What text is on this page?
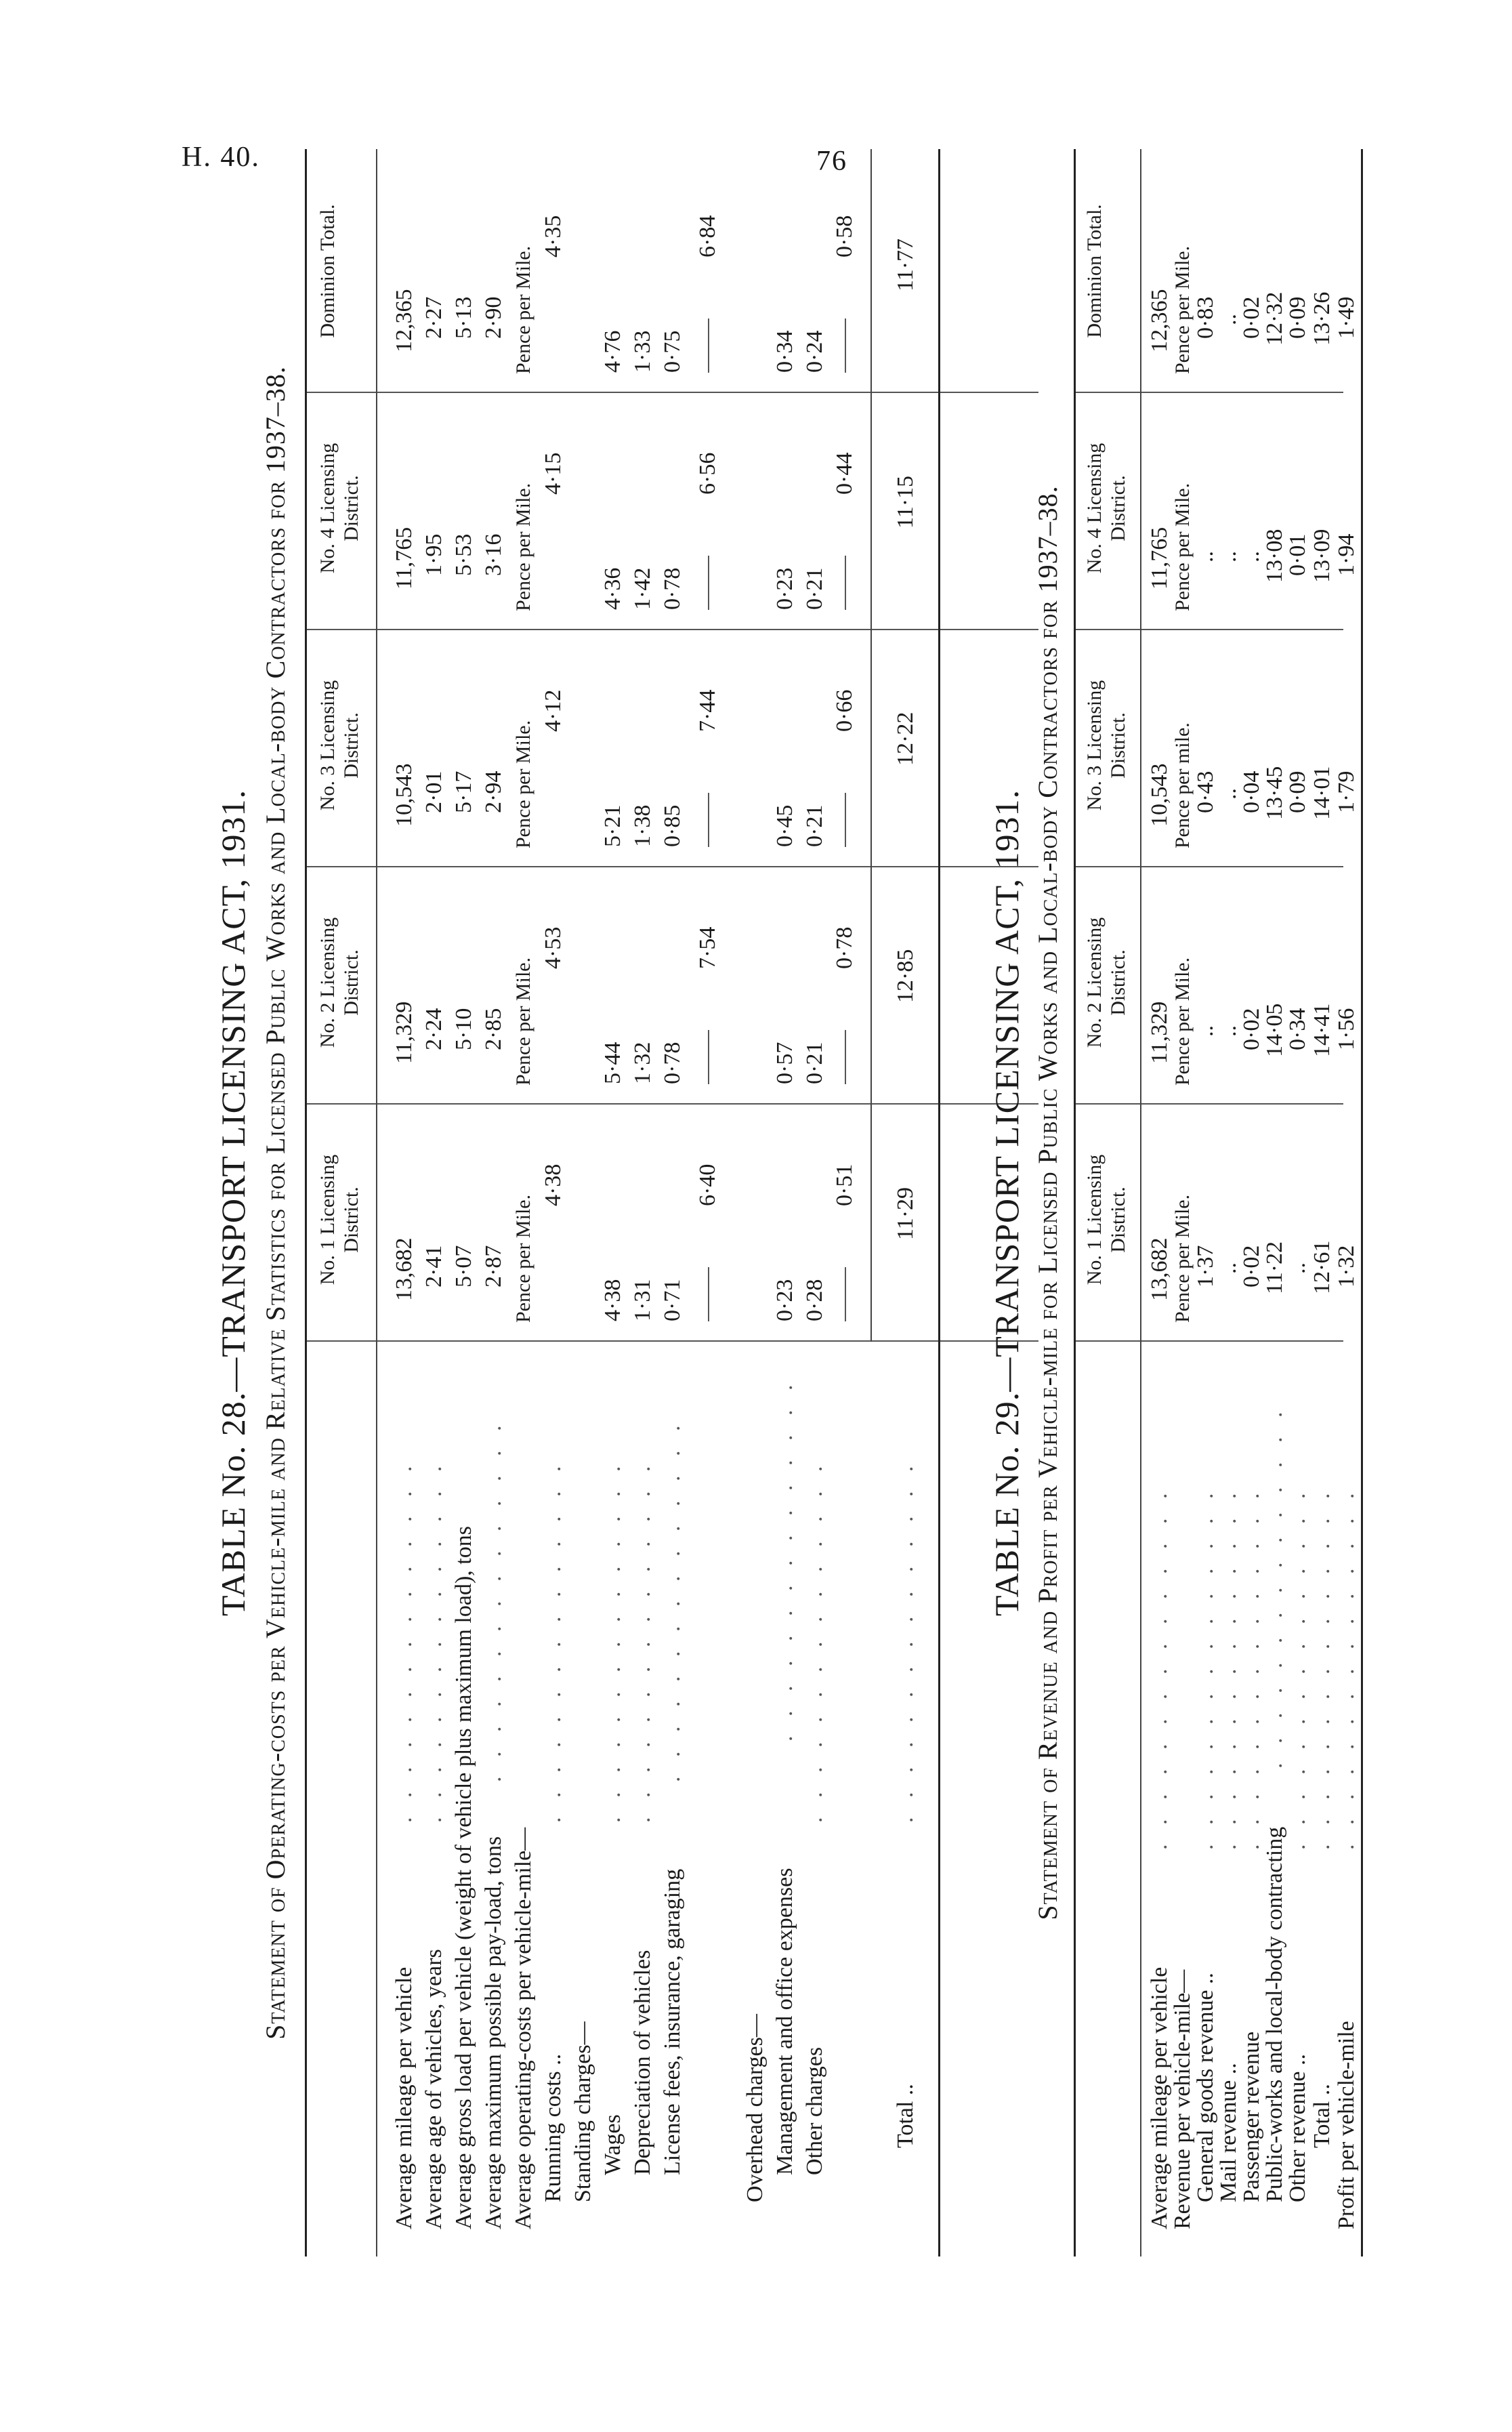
H. 40.	76
TABLE No. 28.—TRANSPORT LICENSING ACT, 1931. Statement of Operating-costs per Vehicle-mile and Relative Statistics for Licensed Public Works and Local-body Contractors for 1937–38. No. 1 Licensing District.
No. 2 Licensing District.
No. 3 Licensing District.
No. 4 Licensing District.
Dominion Total.
Average mileage per vehicle
. . . . . . . . . . . . . . .
13,682
11,329
10,543
11,765
12,365
Average age of vehicles, years
. . . . . . . . . . . . . . .
2·41
2·24
2·01
1·95
2·27
Average gross load per vehicle (weight of vehicle plus maximum load), tons
5·07
5·10
5·17
5·53
5·13
Average maximum possible pay-load, tons
. . . . . . . . . . . . . . .
2·87
2·85
2·94
3·16
2·90
Average operating-costs per vehicle-mile—
Pence per Mile.
Pence per Mile.
Pence per Mile.
Pence per Mile.
Pence per Mile.
Running costs ..
. . . . . . . . . . . . . . .
4·38
4·53
4·12
4·15
4·35
Standing charges— Wages
. . . . . . . . . . . . . . .
4·38
5·44
5·21
4·36
4·76
Depreciation of vehicles
. . . . . . . . . . . . . . .
1·31
1·32
1·38
1·42
1·33
License fees, insurance, garaging
. . . . . . . . . . . . . . .
0·71
0·78
0·85
0·78
0·75
6·40
7·54
7·44
6·56
6·84
Overhead charges— Management and office expenses
. . . . . . . . . . . . . . .
0·23
0·57
0·45
0·23
0·34
Other charges
. . . . . . . . . . . . . . .
0·28
0·21
0·21
0·21
0·24
0·51
0·78
0·66
0·44
0·58
Total ..
. . . . . . . . . . . . . . .
11·29
12·85
12·22
11·15
11·77
TABLE No. 29.—TRANSPORT LICENSING ACT, 1931. Statement of Revenue and Profit per Vehicle-mile for Licensed Public Works and Local-body Contractors for 1937–38. No. 1 Licensing District.
No. 2 Licensing District.
No. 3 Licensing District.
No. 4 Licensing District.
Dominion Total.
Average mileage per vehicle
. . . . . . . . . . . . . . .
13,682
11,329
10,543
11,765
12,365
Revenue per vehicle-mile—
Pence per Mile.
Pence per Mile.
Pence per mile.
Pence per Mile.
Pence per Mile.
General goods revenue ..
. . . . . . . . . . . . . . .
1·37
..
0·43
..
0·83
Mail revenue ..
. . . . . . . . . . . . . . .
..
..
..
..
..
Passenger revenue
. . . . . . . . . . . . . . .
0·02
0·02
0·04
..
0·02
Public-works and local-body contracting
. . . . . . . . . . . . . . .
11·22
14·05
13·45
13·08
12·32
Other revenue ..
. . . . . . . . . . . . . . .
..
0·34
0·09
0·01
0·09
Total ..
. . . . . . . . . . . . . . .
12·61
14·41
14·01
13·09
13·26
Profit per vehicle-mile
. . . . . . . . . . . . . . .
1·32
1·56
1·79
1·94
1·49
